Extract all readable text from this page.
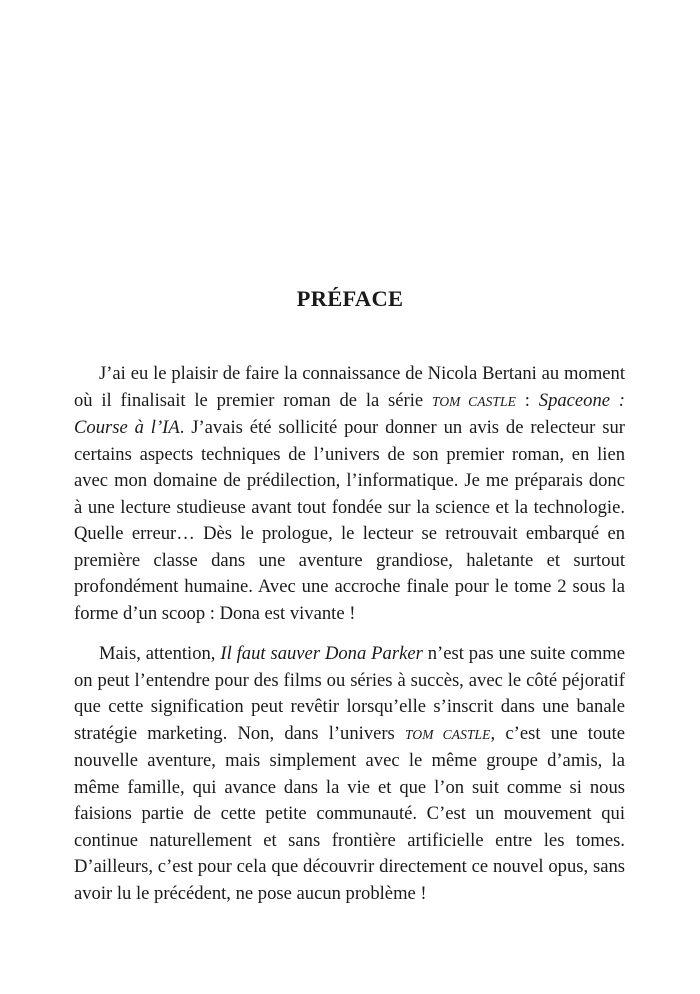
PRÉFACE

J’ai eu le plaisir de faire la connaissance de Nicola Bertani au moment où il finalisait le premier roman de la série TOM CASTLE : Spaceone : Course à l’IA. J’avais été sollicité pour donner un avis de relecteur sur certains aspects techniques de l’univers de son premier roman, en lien avec mon domaine de prédilection, l’informatique. Je me préparais donc à une lecture studieuse avant tout fondée sur la science et la technologie. Quelle erreur… Dès le prologue, le lecteur se retrouvait embarqué en première classe dans une aventure grandiose, haletante et surtout profondément humaine. Avec une accroche finale pour le tome 2 sous la forme d’un scoop : Dona est vivante !

Mais, attention, Il faut sauver Dona Parker n’est pas une suite comme on peut l’entendre pour des films ou séries à succès, avec le côté péjoratif que cette signification peut revêtir lorsqu’elle s’inscrit dans une banale stratégie marketing. Non, dans l’univers TOM CASTLE, c’est une toute nouvelle aventure, mais simplement avec le même groupe d’amis, la même famille, qui avance dans la vie et que l’on suit comme si nous faisions partie de cette petite communauté. C’est un mouvement qui continue naturellement et sans frontière artificielle entre les tomes. D’ailleurs, c’est pour cela que découvrir directement ce nouvel opus, sans avoir lu le précédent, ne pose aucun problème !
